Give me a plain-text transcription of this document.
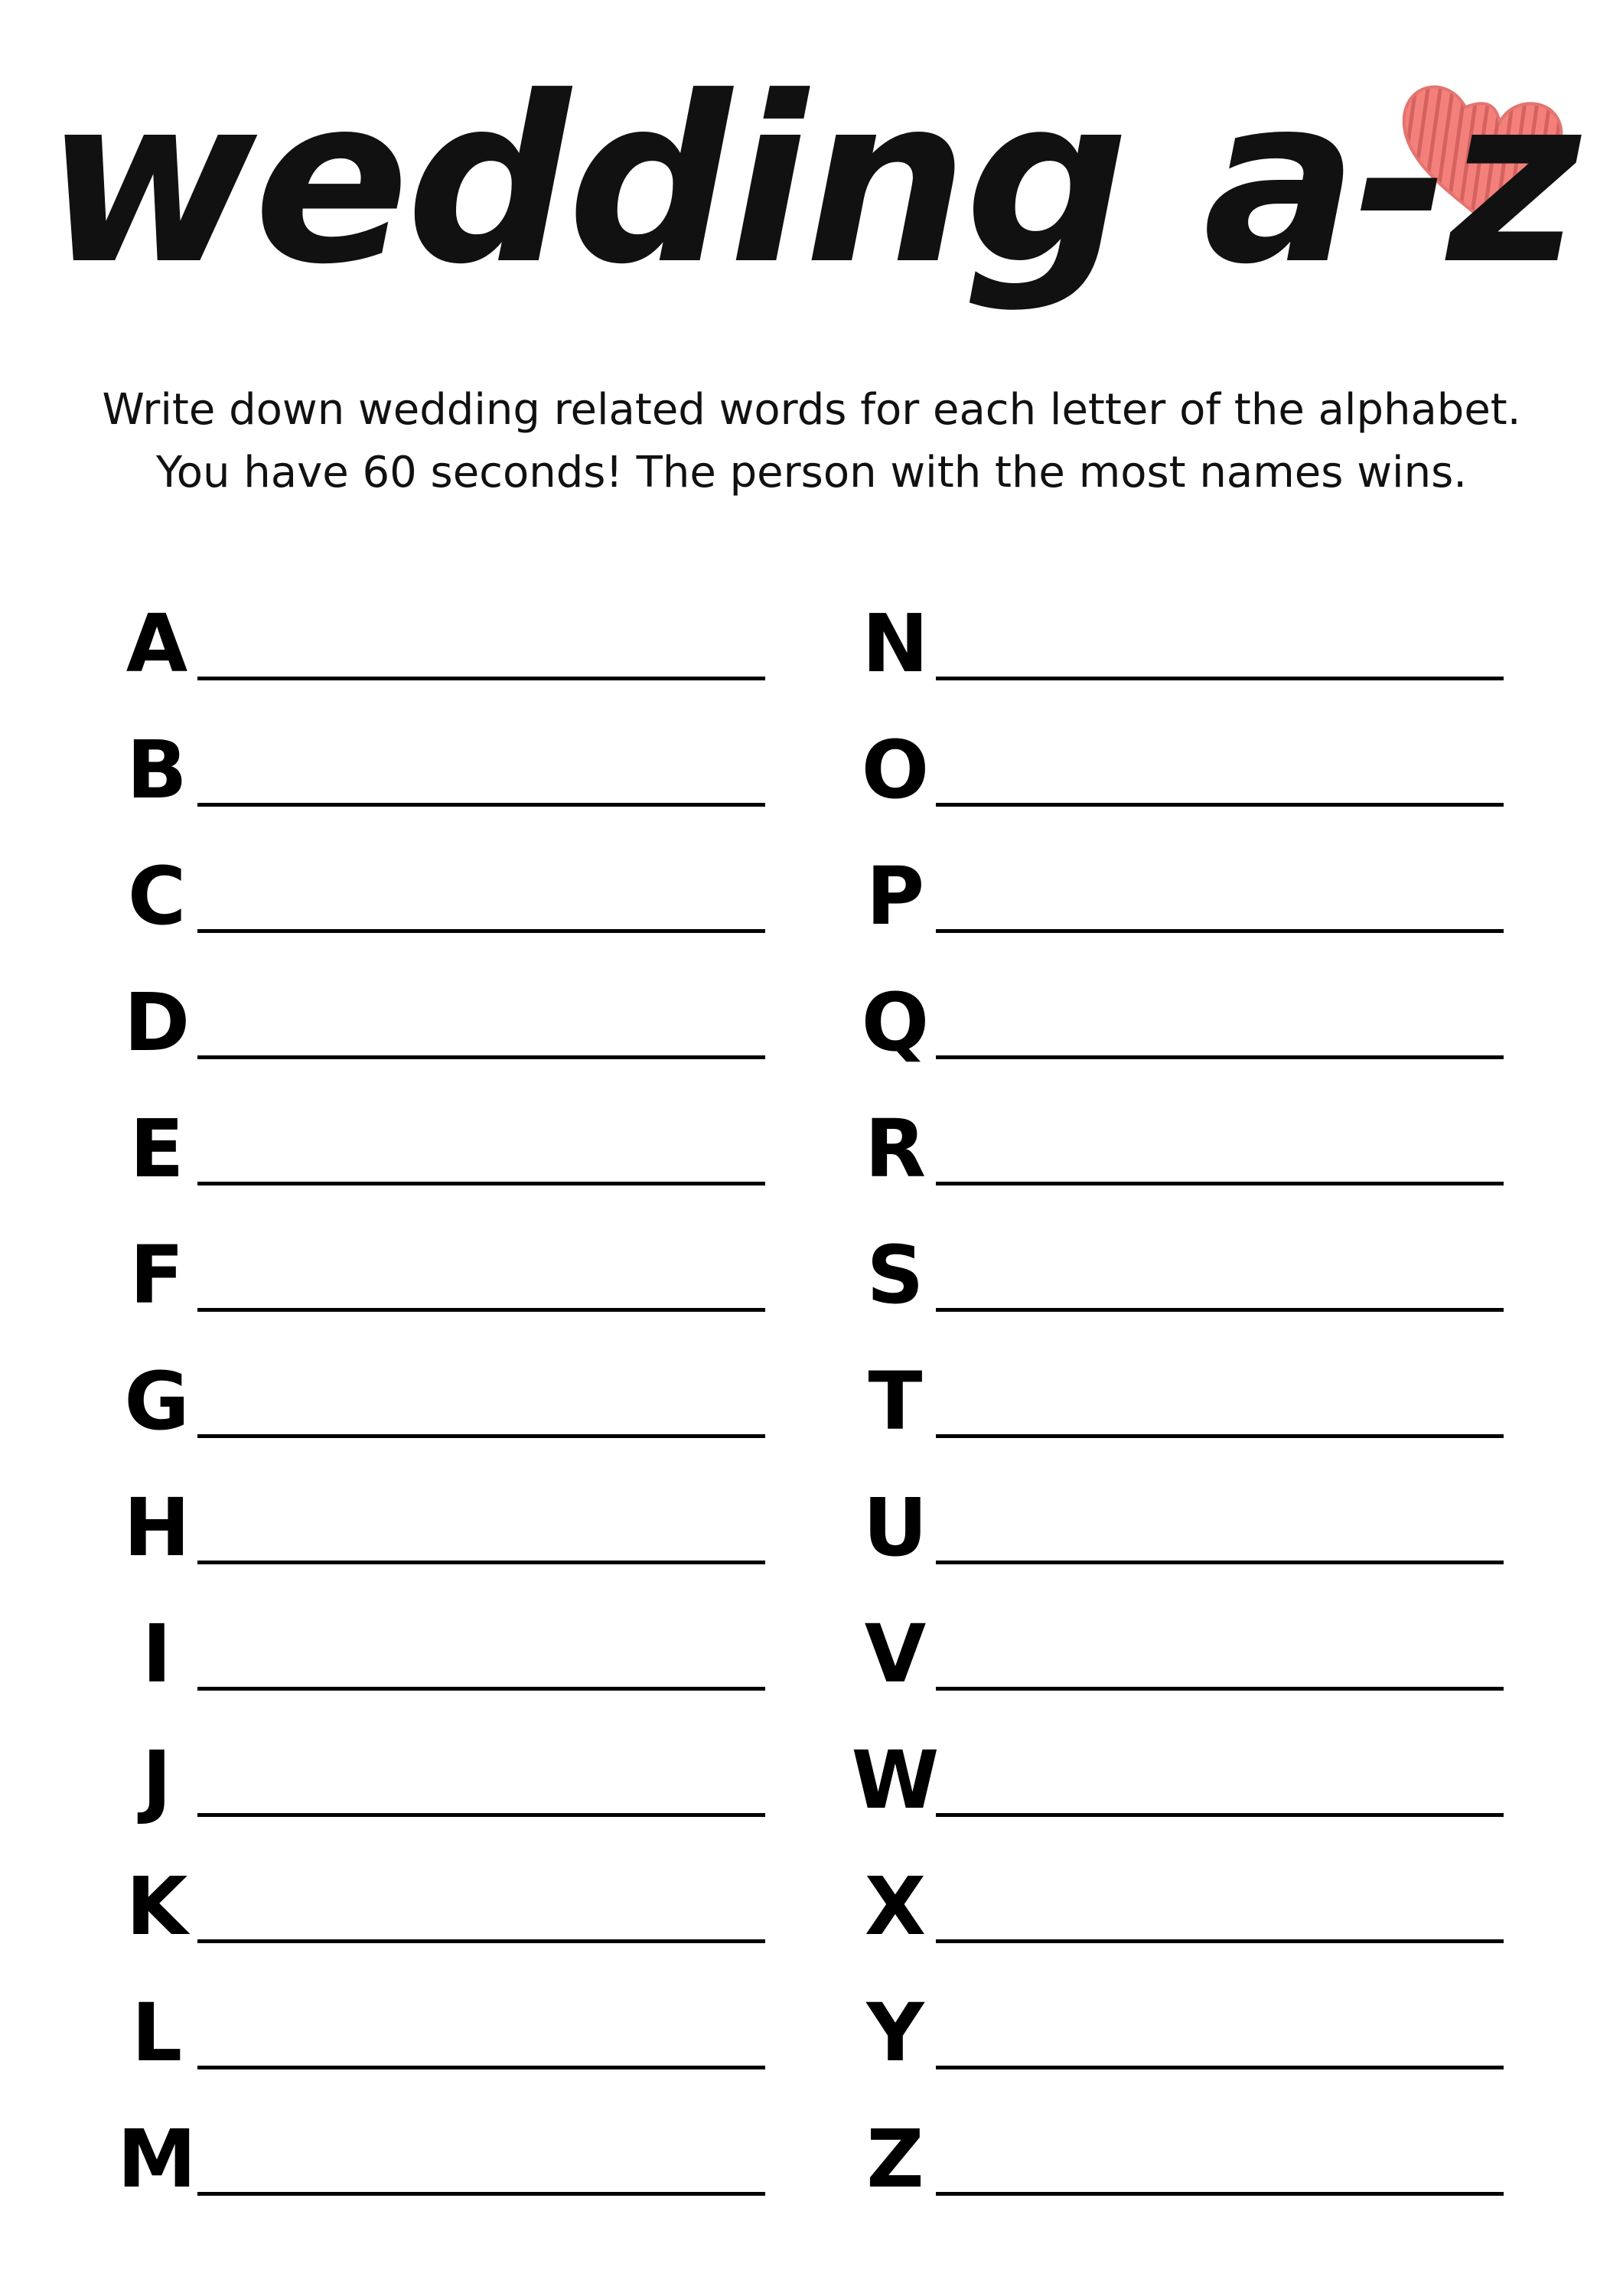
wedding a-z
Write down wedding related words for each letter of the alphabet.
You have 60 seconds! The person with the most names wins.
A
B
C
D
E
F
G
H
I
J
K
L
M
N
O
P
Q
R
S
T
U
V
W
X
Y
Z
